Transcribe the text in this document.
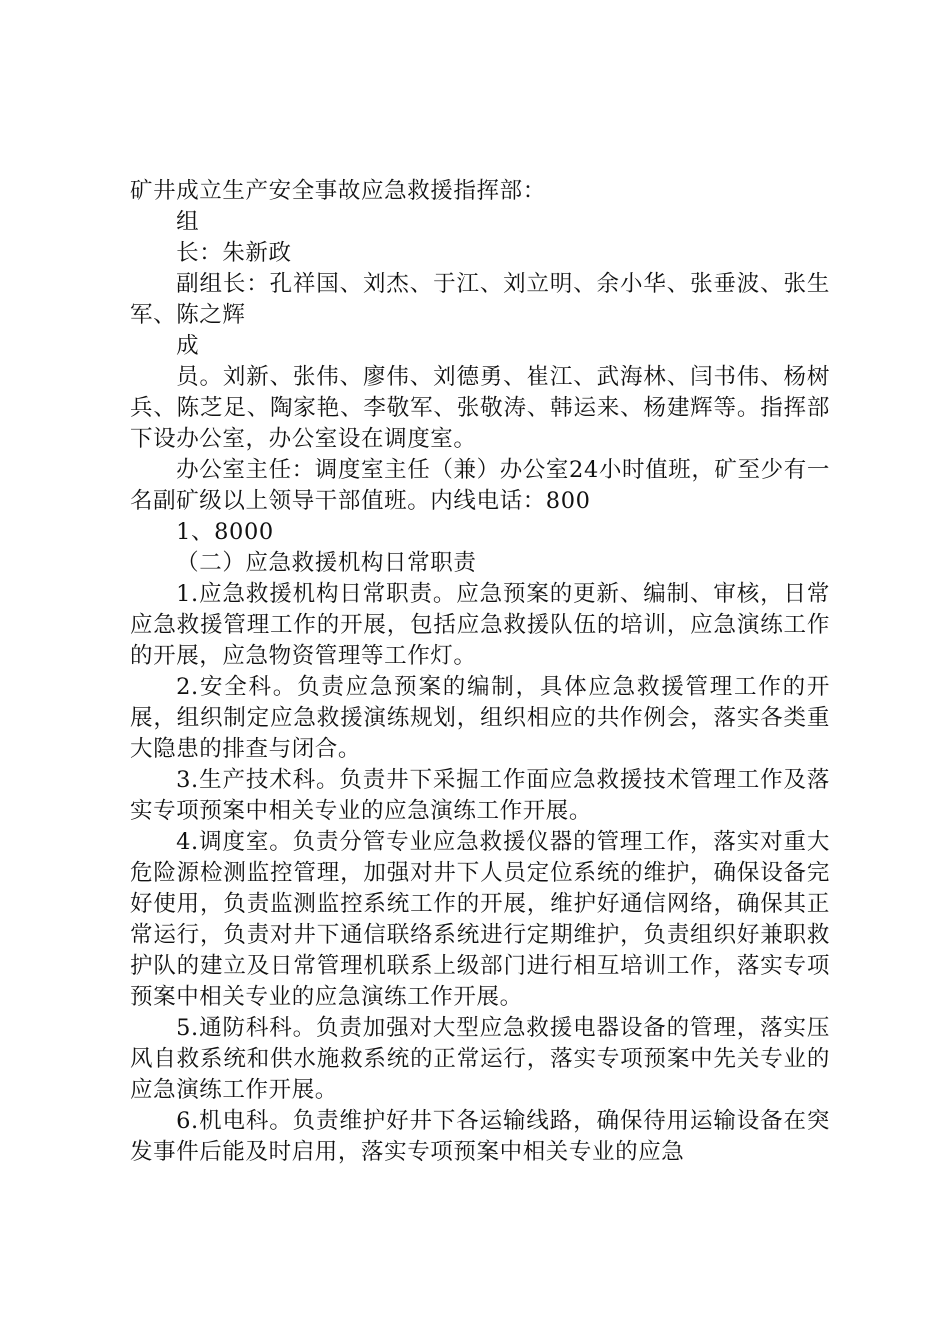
矿井成立生产安全事故应急救援指挥部：

组

长：朱新政

副组长：孔祥国、刘杰、于江、刘立明、余小华、张垂波、张生军、陈之辉

成

员。刘新、张伟、廖伟、刘德勇、崔江、武海林、闫书伟、杨树兵、陈芝足、陶家艳、李敬军、张敬涛、韩运来、杨建辉等。指挥部下设办公室，办公室设在调度室。

办公室主任：调度室主任（兼）办公室24小时值班，矿至少有一名副矿级以上领导干部值班。内线电话：800

1、8000

（二）应急救援机构日常职责

1.应急救援机构日常职责。应急预案的更新、编制、审核，日常应急救援管理工作的开展，包括应急救援队伍的培训，应急演练工作的开展，应急物资管理等工作灯。

2.安全科。负责应急预案的编制，具体应急救援管理工作的开展，组织制定应急救援演练规划，组织相应的共作例会，落实各类重大隐患的排查与闭合。

3.生产技术科。负责井下采掘工作面应急救援技术管理工作及落实专项预案中相关专业的应急演练工作开展。

4.调度室。负责分管专业应急救援仪器的管理工作，落实对重大危险源检测监控管理，加强对井下人员定位系统的维护，确保设备完好使用，负责监测监控系统工作的开展，维护好通信网络，确保其正常运行，负责对井下通信联络系统进行定期维护，负责组织好兼职救护队的建立及日常管理机联系上级部门进行相互培训工作，落实专项预案中相关专业的应急演练工作开展。

5.通防科科。负责加强对大型应急救援电器设备的管理，落实压风自救系统和供水施救系统的正常运行，落实专项预案中先关专业的应急演练工作开展。

6.机电科。负责维护好井下各运输线路，确保待用运输设备在突发事件后能及时启用，落实专项预案中相关专业的应急
